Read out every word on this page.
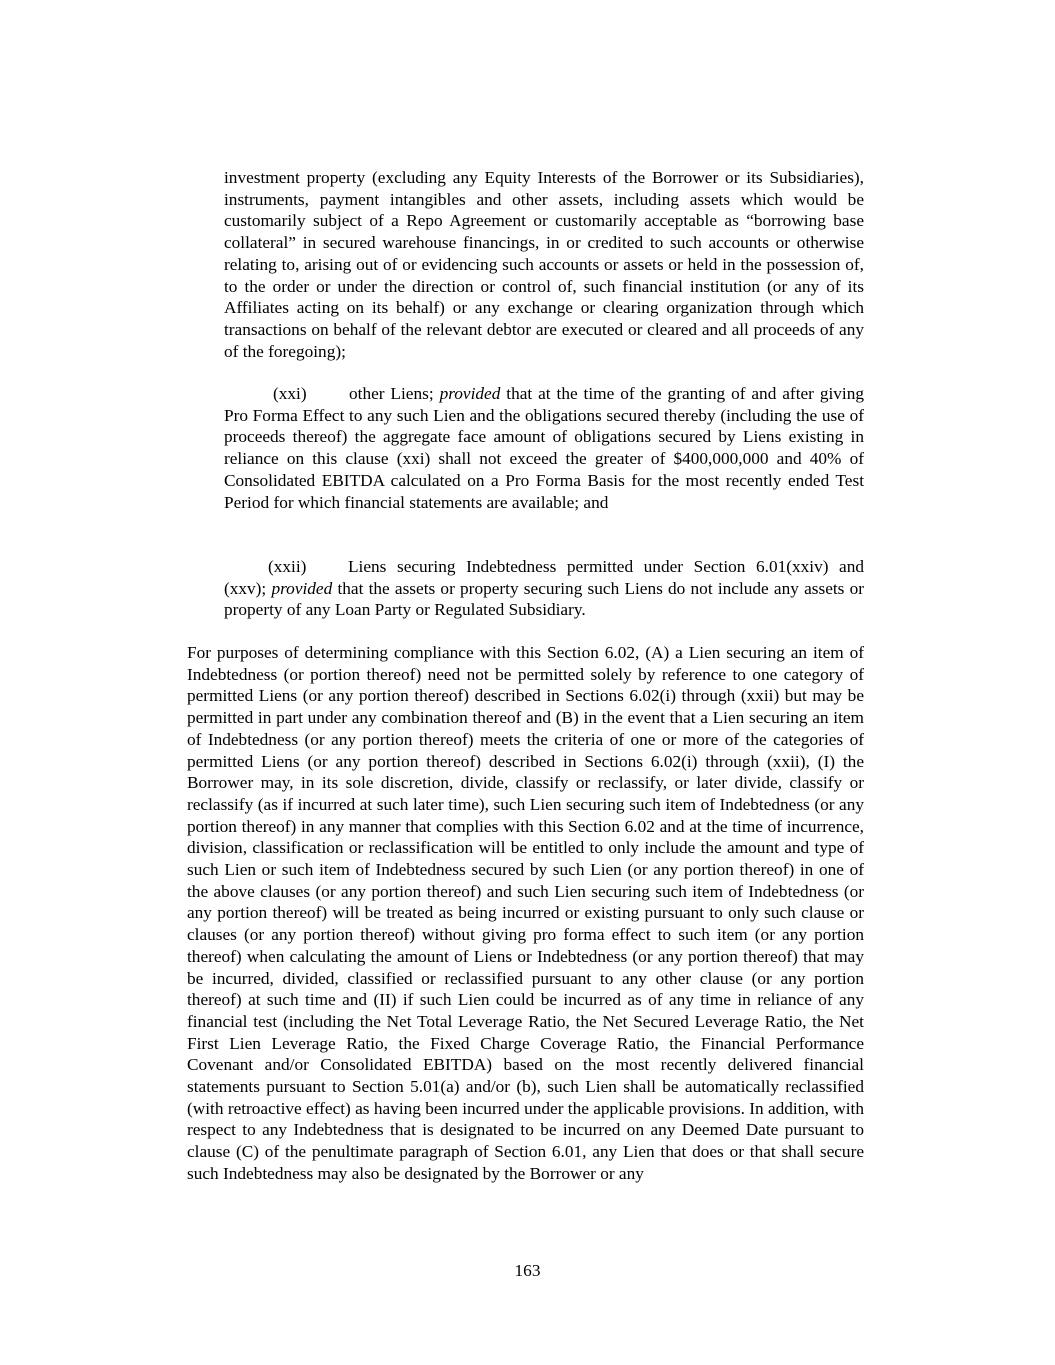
investment property (excluding any Equity Interests of the Borrower or its Subsidiaries), instruments, payment intangibles and other assets, including assets which would be customarily subject of a Repo Agreement or customarily acceptable as “borrowing base collateral” in secured warehouse financings, in or credited to such accounts or otherwise relating to, arising out of or evidencing such accounts or assets or held in the possession of, to the order or under the direction or control of, such financial institution (or any of its Affiliates acting on its behalf) or any exchange or clearing organization through which transactions on behalf of the relevant debtor are executed or cleared and all proceeds of any of the foregoing);

(xxi) other Liens; provided that at the time of the granting of and after giving Pro Forma Effect to any such Lien and the obligations secured thereby (including the use of proceeds thereof) the aggregate face amount of obligations secured by Liens existing in reliance on this clause (xxi) shall not exceed the greater of $400,000,000 and 40% of Consolidated EBITDA calculated on a Pro Forma Basis for the most recently ended Test Period for which financial statements are available; and

(xxii) Liens securing Indebtedness permitted under Section 6.01(xxiv) and (xxv); provided that the assets or property securing such Liens do not include any assets or property of any Loan Party or Regulated Subsidiary.

For purposes of determining compliance with this Section 6.02, (A) a Lien securing an item of Indebtedness (or portion thereof) need not be permitted solely by reference to one category of permitted Liens (or any portion thereof) described in Sections 6.02(i) through (xxii) but may be permitted in part under any combination thereof and (B) in the event that a Lien securing an item of Indebtedness (or any portion thereof) meets the criteria of one or more of the categories of permitted Liens (or any portion thereof) described in Sections 6.02(i) through (xxii), (I) the Borrower may, in its sole discretion, divide, classify or reclassify, or later divide, classify or reclassify (as if incurred at such later time), such Lien securing such item of Indebtedness (or any portion thereof) in any manner that complies with this Section 6.02 and at the time of incurrence, division, classification or reclassification will be entitled to only include the amount and type of such Lien or such item of Indebtedness secured by such Lien (or any portion thereof) in one of the above clauses (or any portion thereof) and such Lien securing such item of Indebtedness (or any portion thereof) will be treated as being incurred or existing pursuant to only such clause or clauses (or any portion thereof) without giving pro forma effect to such item (or any portion thereof) when calculating the amount of Liens or Indebtedness (or any portion thereof) that may be incurred, divided, classified or reclassified pursuant to any other clause (or any portion thereof) at such time and (II) if such Lien could be incurred as of any time in reliance of any financial test (including the Net Total Leverage Ratio, the Net Secured Leverage Ratio, the Net First Lien Leverage Ratio, the Fixed Charge Coverage Ratio, the Financial Performance Covenant and/or Consolidated EBITDA) based on the most recently delivered financial statements pursuant to Section 5.01(a) and/or (b), such Lien shall be automatically reclassified (with retroactive effect) as having been incurred under the applicable provisions. In addition, with respect to any Indebtedness that is designated to be incurred on any Deemed Date pursuant to clause (C) of the penultimate paragraph of Section 6.01, any Lien that does or that shall secure such Indebtedness may also be designated by the Borrower or any

163
